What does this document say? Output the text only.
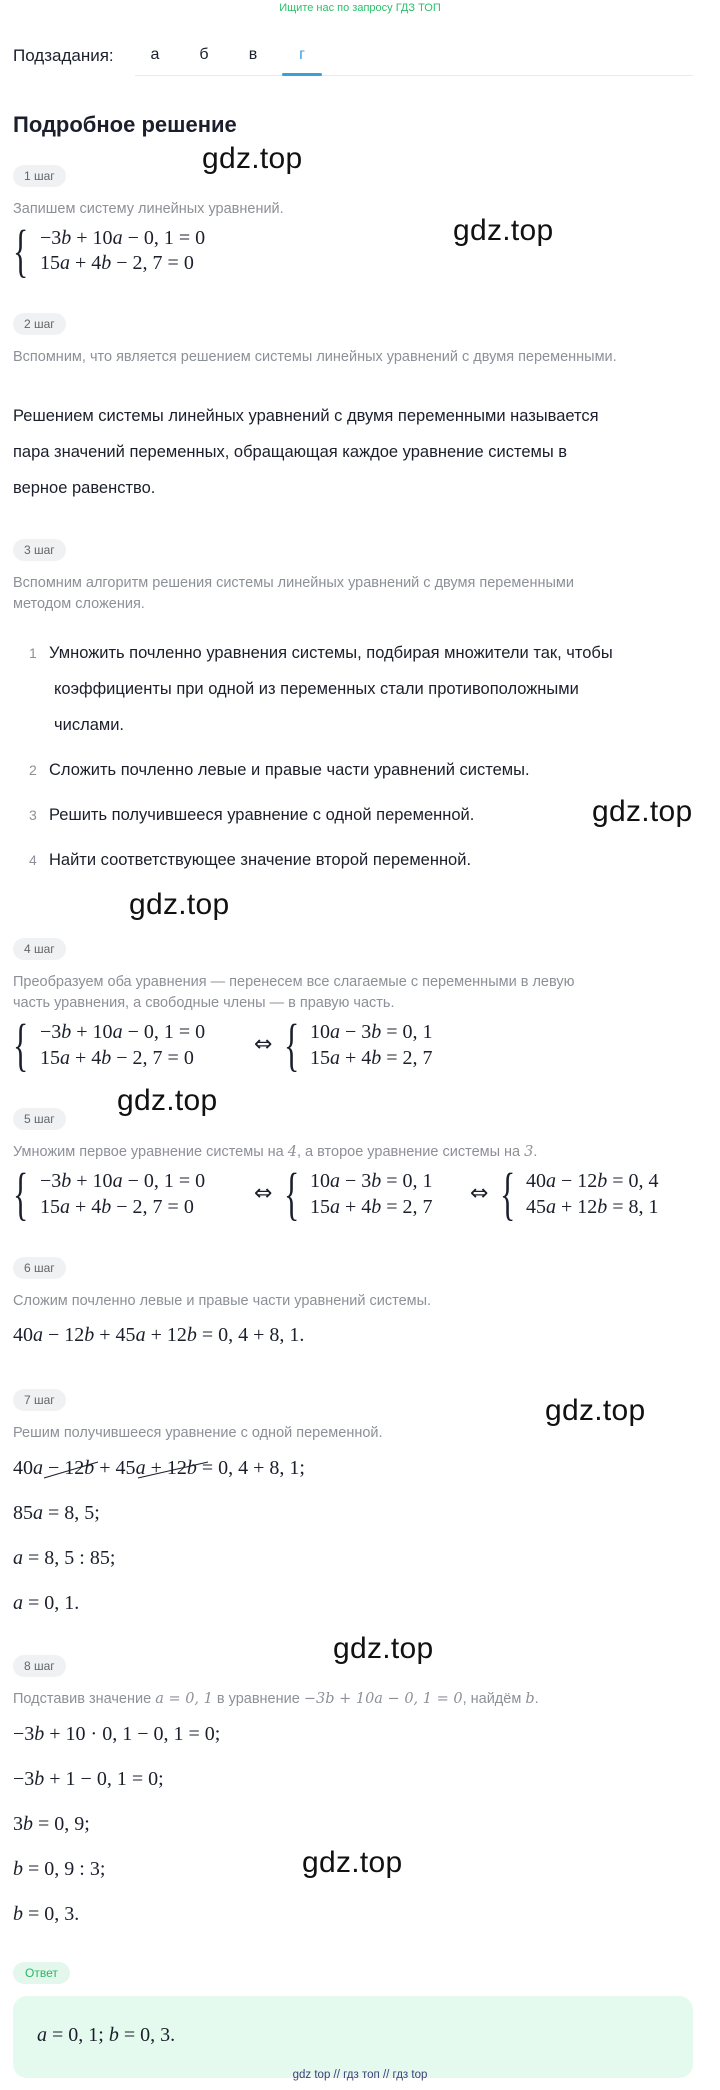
Ищите нас по запросу ГДЗ ТОП
Подзадания:	а	б	в	г
Подробное решение
gdz.top
gdz.top
gdz.top
gdz.top
gdz.top
gdz.top
gdz.top
gdz.top
1 шаг
Запишем систему линейных уравнений.
{ −3b + 10a − 0, 1 = 0
15a + 4b − 2, 7 = 0
2 шаг
Вспомним, что является решением системы линейных уравнений с двумя переменными.
Решением системы линейных уравнений с двумя переменными называется
пара значений переменных, обращающая каждое уравнение системы в
верное равенство.
3 шаг
Вспомним алгоритм решения системы линейных уравнений с двумя переменными
методом сложения.
1 Умножить почленно уравнения системы, подбирая множители так, чтобы
коэффициенты при одной из переменных стали противоположными
числами.
2 Сложить почленно левые и правые части уравнений системы.
3 Решить получившееся уравнение с одной переменной.
4 Найти соответствующее значение второй переменной.
4 шаг
Преобразуем оба уравнения — перенесем все слагаемые с переменными в левую
часть уравнения, а свободные члены — в правую часть.
{ −3b + 10a − 0, 1 = 0
15a + 4b − 2, 7 = 0
⇔ { 10a − 3b = 0, 1
15a + 4b = 2, 7
5 шаг
Умножим первое уравнение системы на 4, а второе уравнение системы на 3.
{ −3b + 10a − 0, 1 = 0
15a + 4b − 2, 7 = 0
⇔ { 10a − 3b = 0, 1
15a + 4b = 2, 7
⇔ { 40a − 12b = 0, 4
45a + 12b = 8, 1
6 шаг
Сложим почленно левые и правые части уравнений системы.
40a − 12b + 45a + 12b = 0, 4 + 8, 1.
7 шаг
Решим получившееся уравнение с одной переменной.
40a − 12b + 45a + 12b = 0, 4 + 8, 1;
85a = 8, 5;
a = 8, 5 : 85;
a = 0, 1.
8 шаг
Подставив значение a = 0, 1 в уравнение −3b + 10a − 0, 1 = 0, найдём b.
−3b + 10 · 0, 1 − 0, 1 = 0;
−3b + 1 − 0, 1 = 0;
3b = 0, 9;
b = 0, 9 : 3;
b = 0, 3.
Ответ
a = 0, 1; b = 0, 3.
gdz top // гдз топ // гдз top
